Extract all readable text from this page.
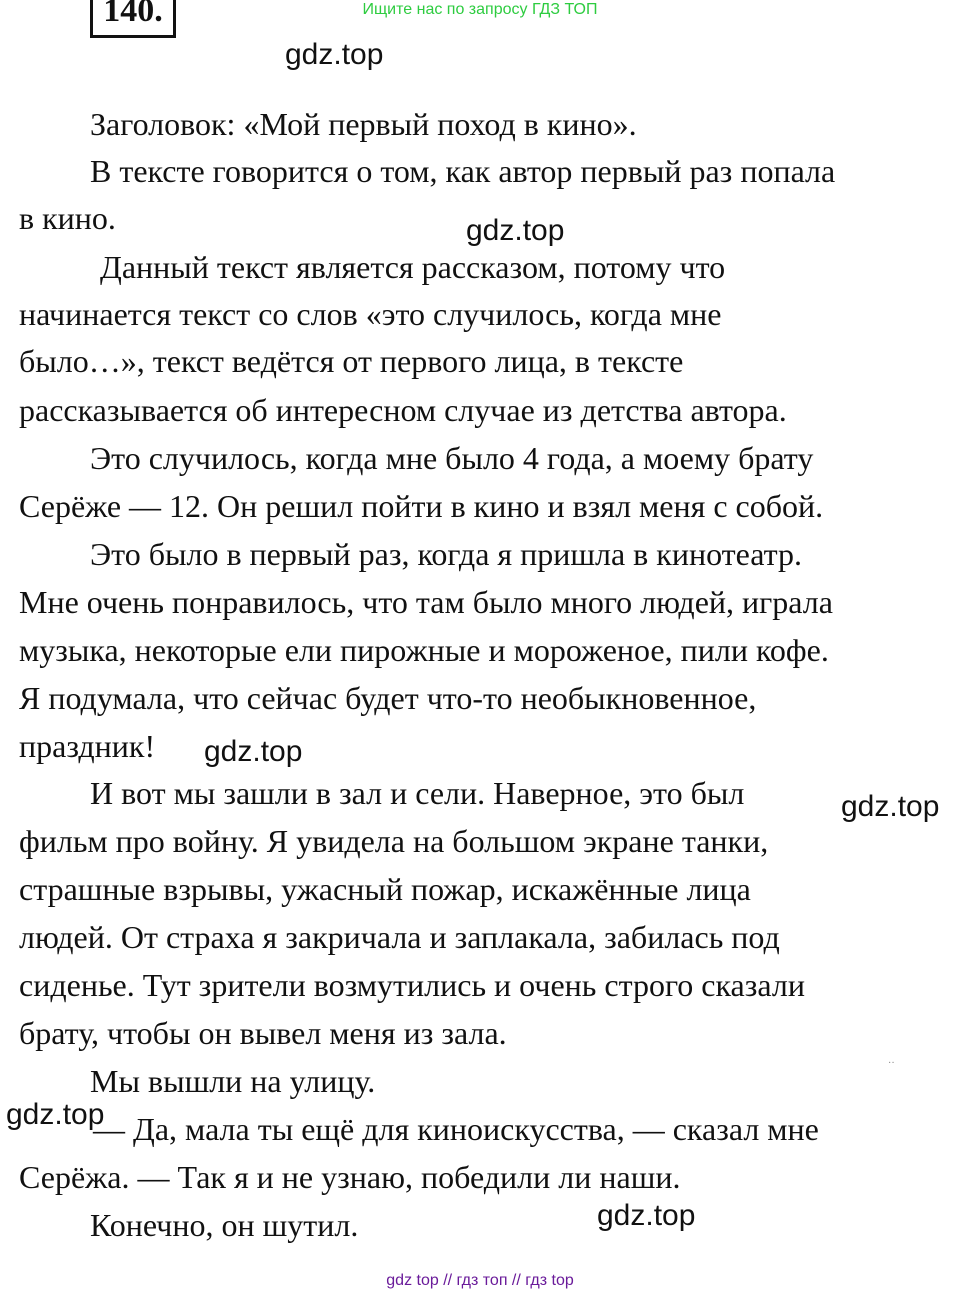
Ищите нас по запросу ГДЗ ТОП
140.
gdz.top
Заголовок: «Мой первый поход в кино».
В тексте говорится о том, как автор первый раз попала
в кино.	gdz.top
Данный текст является рассказом, потому что
начинается текст со слов «это случилось, когда мне
было…», текст ведётся от первого лица, в тексте
рассказывается об интересном случае из детства автора.
Это случилось, когда мне было 4 года, а моему брату
Серёже — 12. Он решил пойти в кино и взял меня с собой.
Это было в первый раз, когда я пришла в кинотеатр.
Мне очень понравилось, что там было много людей, играла
музыка, некоторые ели пирожные и мороженое, пили кофе.
Я подумала, что сейчас будет что-то необыкновенное,
праздник! gdz.top
И вот мы зашли в зал и сели. Наверное, это был	gdz.top
фильм про войну. Я увидела на большом экране танки,
страшные взрывы, ужасный пожар, искажённые лица
людей. От страха я закричала и заплакала, забилась под
сиденье. Тут зрители возмутились и очень строго сказали
брату, чтобы он вывел меня из зала.
Мы вышли на улицу.
gdz.top
— Да, мала ты ещё для киноискусства, — сказал мне
Серёжа. — Так я и не узнаю, победили ли наши.
gdz.top
Конечно, он шутил.
··
gdz top // гдз топ // гдз top
